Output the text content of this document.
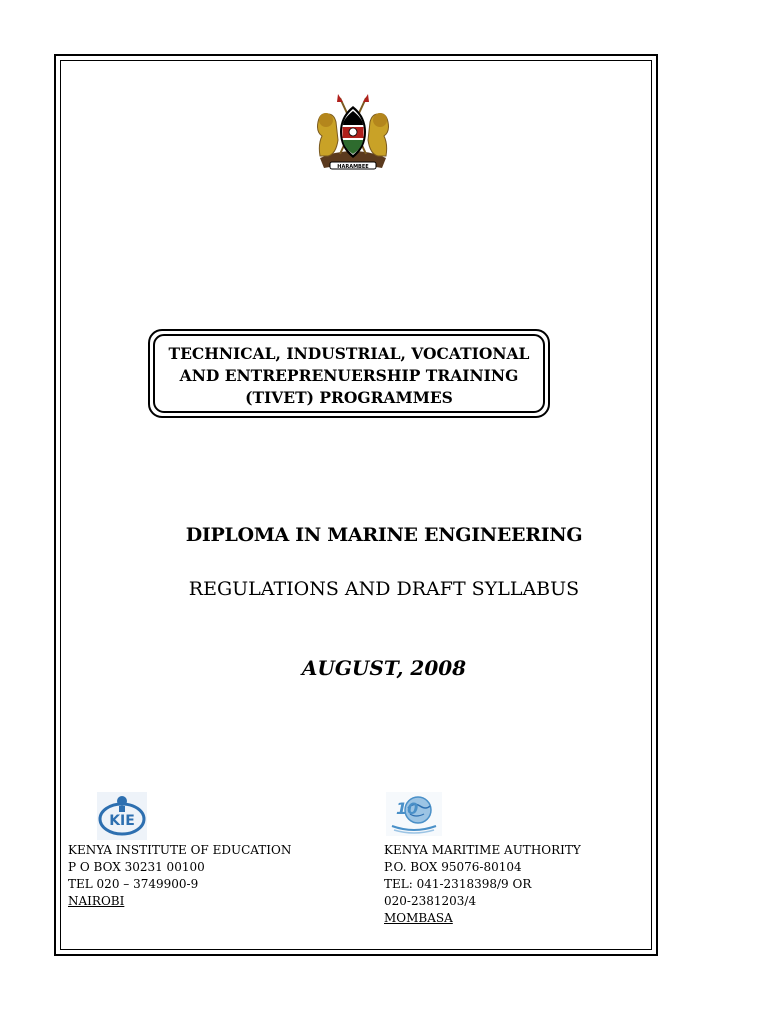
HARAMBEE
TECHNICAL, INDUSTRIAL, VOCATIONAL
AND ENTREPRENUERSHIP TRAINING
(TIVET) PROGRAMMES
DIPLOMA IN MARINE ENGINEERING
REGULATIONS AND DRAFT SYLLABUS
AUGUST, 2008
KIE
10
KENYA INSTITUTE OF EDUCATION
P O BOX 30231 00100
TEL 020 – 3749900-9
NAIROBI
KENYA MARITIME AUTHORITY
P.O. BOX 95076-80104
TEL: 041-2318398/9 OR
020-2381203/4
MOMBASA
